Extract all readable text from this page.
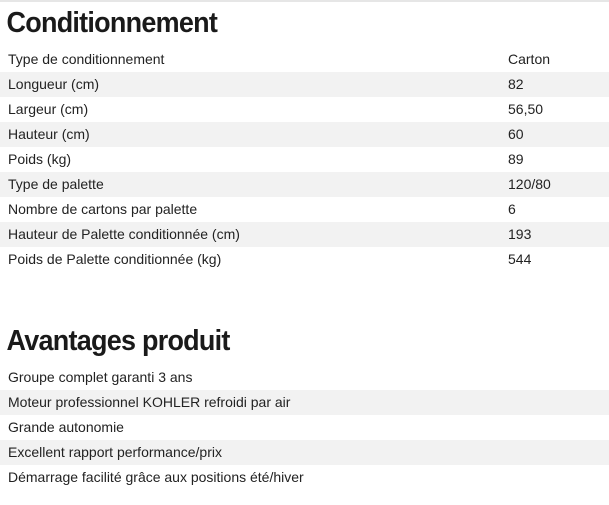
Conditionnement
Type de conditionnement	Carton
Longueur (cm)	82
Largeur (cm)	56,50
Hauteur (cm)	60
Poids (kg)	89
Type de palette	120/80
Nombre de cartons par palette	6
Hauteur de Palette conditionnée (cm)	193
Poids de Palette conditionnée (kg)	544
Avantages produit
Groupe complet garanti 3 ans
Moteur professionnel KOHLER refroidi par air
Grande autonomie
Excellent rapport performance/prix
Démarrage facilité grâce aux positions été/hiver
